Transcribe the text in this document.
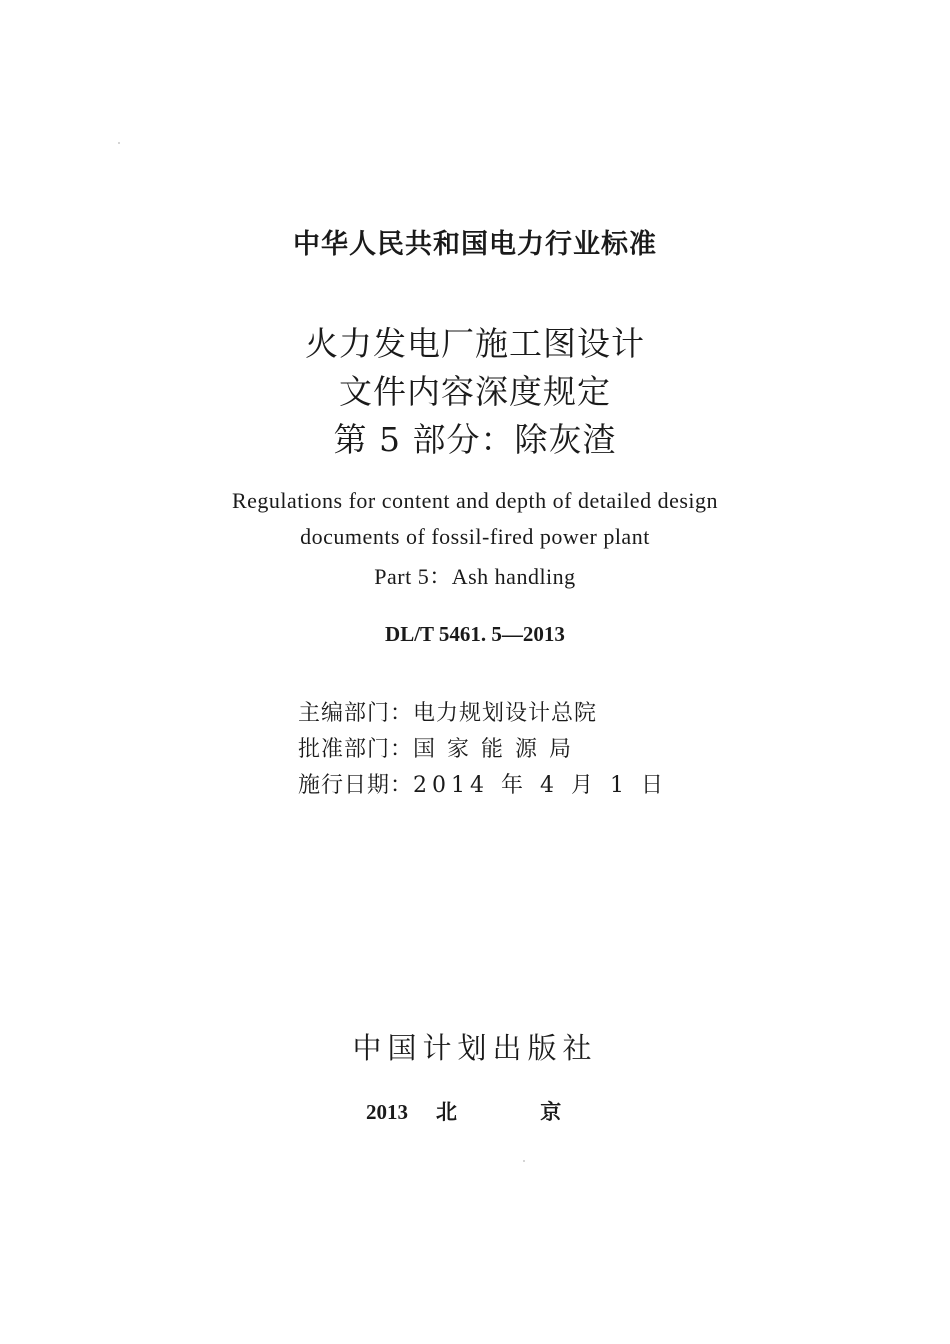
中华人民共和国电力行业标准
火力发电厂施工图设计
文件内容深度规定
第 5 部分：除灰渣
Regulations for content and depth of detailed design
documents of fossil-fired power plant
Part 5：Ash handling
DL/T 5461. 5—2013
主编部门：电力规划设计总院
批准部门：国家能源局
施行日期：2014 年 4 月 1 日
中国计划出版社
2013 北 京
